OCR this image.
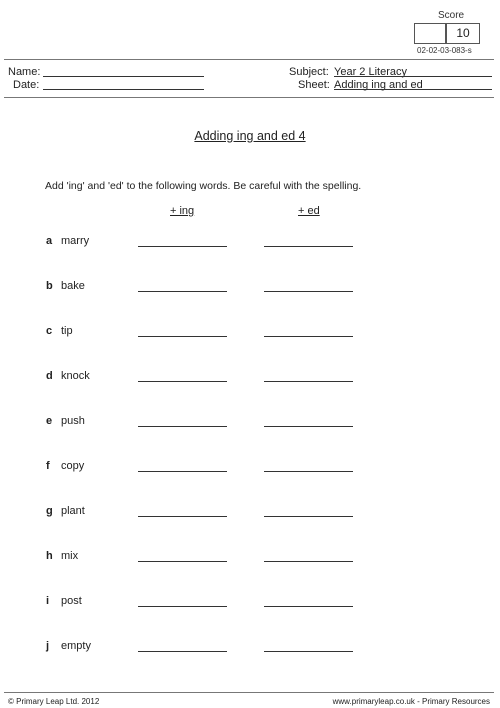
Score
10
02-02-03-083-s
Name:
Date:
Subject: Year 2 Literacy
Sheet: Adding ing and ed
Adding ing and ed 4
Add 'ing' and 'ed' to the following words. Be careful with the spelling.
+ ing	+ ed
a marry
b bake
c tip
d knock
e push
f copy
g plant
h mix
i post
j empty
© Primary Leap Ltd. 2012	www.primaryleap.co.uk - Primary Resources
